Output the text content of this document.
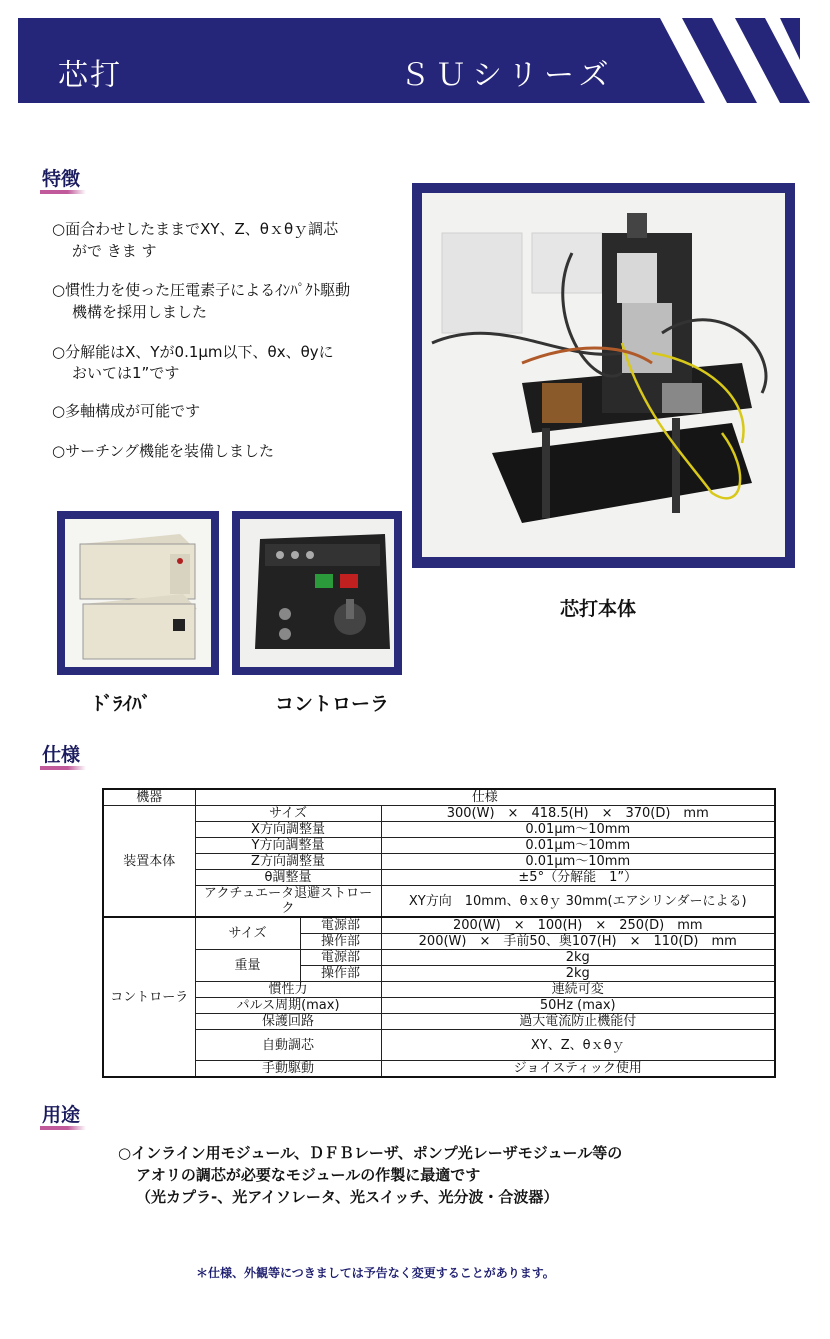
芯打	ＳＵシリーズ
特徴
○面合わせしたままでXY、Z、θｘθｙ調芯
がで きま す
○慣性力を使った圧電素子によるｲﾝﾊﾟｸﾄ駆動
機構を採用しました
○分解能はX、Yが0.1μm以下、θx、θyに
おいては1”です
○多軸構成が可能です
○サーチング機能を装備しました
芯打本体
ﾄﾞﾗｲﾊﾞ	コントローラ
仕様
機器	仕様		
装置本体	サイズ		300(W)　×　418.5(H)　×　370(D)　mm
	X方向調整量		0.01μm～10mm
	Y方向調整量		0.01μm～10mm
	Z方向調整量		0.01μm～10mm
	θ調整量		±5°（分解能　1”）
	アクチュエータ退避ストローク		XY方向　10mm、θｘθｙ 30mm(エアシリンダーによる)
コントローラ	サイズ	電源部	200(W)　×　100(H)　×　250(D)　mm
		操作部	200(W)　×　手前50、奥107(H)　×　110(D)　mm
	重量	電源部	2kg
		操作部	2kg
	慣性力		連続可変
	パルス周期(max)		50Hz (max)
	保護回路		過大電流防止機能付
	自動調芯		XY、Z、θｘθｙ
	手動駆動		ジョイスティック使用
用途
○インライン用モジュール、ＤＦＢレーザ、ポンプ光レーザモジュール等の
アオリの調芯が必要なモジュールの作製に最適です
（光カプラ-、光アイソレータ、光スイッチ、光分波・合波器）
＊仕様、外観等につきましては予告なく変更することがあります。
